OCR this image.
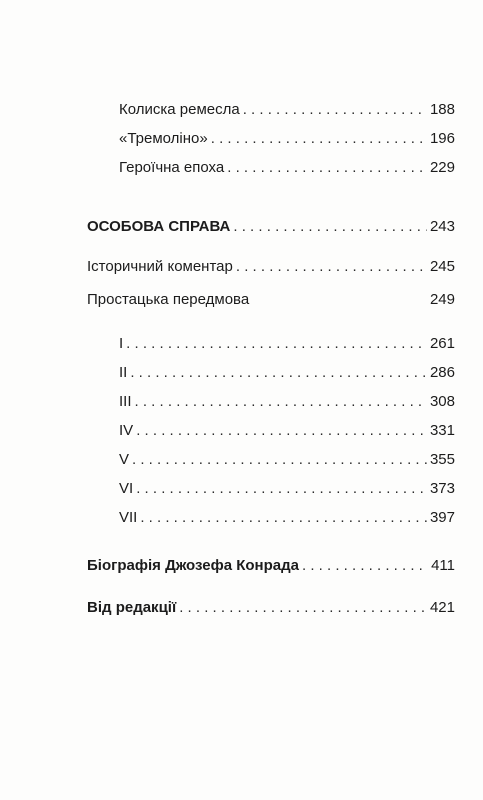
Колиска ремесла . . .	188
«Тремоліно» . . .	196
Героїчна епоха . . .	229
ОСОБОВА СПРАВА . . .	243
Історичний коментар . . .	245
Простацька передмова	249
I . . .	261
II . . .	286
III . . .	308
IV . . .	331
V . . .	355
VI . . .	373
VII . . .	397
Біографія Джозефа Конрада . . .	411
Від редакції . . .	421
